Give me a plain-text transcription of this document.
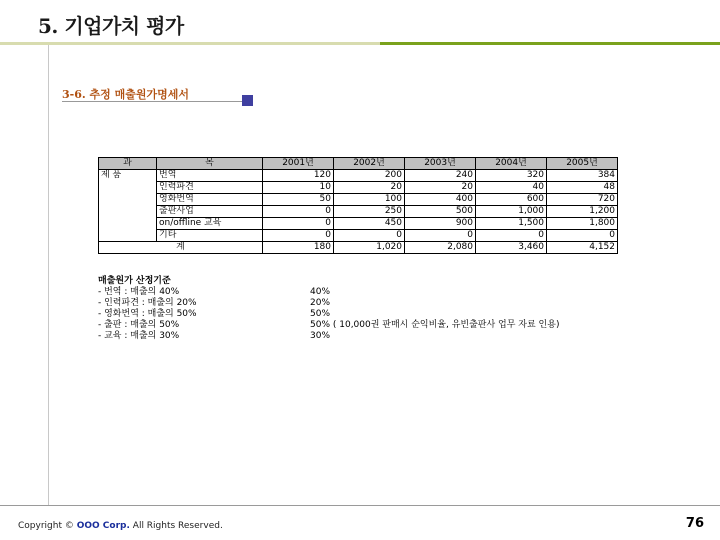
5. 기업가치 평가
3-6. 추정 매출원가명세서
과	목	2001년	2002년	2003년	2004년	2005년
제 품	번역	120	200	240	320	384
	인력파견	10	20	20	40	48
	영화번역	50	100	400	600	720
	출판사업	0	250	500	1,000	1,200
	on/offline 교육	0	450	900	1,500	1,800
	기타	0	0	0	0	0
계		180	1,020	2,080	3,460	4,152
매출원가 산정기준
- 번역 : 매출의 40%	40%
- 인력파견 : 매출의 20%	20%
- 영화번역 : 매출의 50%	50%
- 출판 : 매출의 50%	50% ( 10,000권 판매시 순익비율, 유빈출판사 업무 자료 인용)
- 교육 : 매출의 30%	30%
Copyright © OOO Corp. All Rights Reserved.	76
